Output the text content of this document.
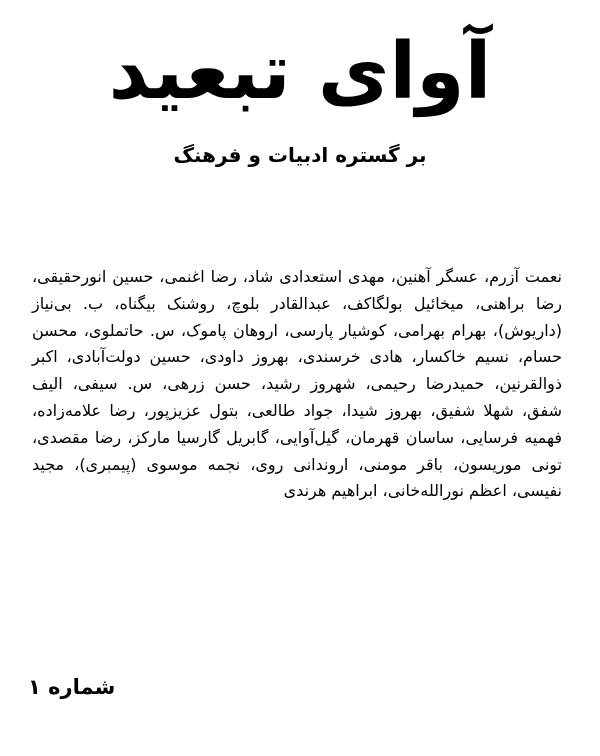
آوای تبعید
بر گستره ادبیات و فرهنگ

نعمت آزرم، عسگر آهنین، مهدی استعدادی شاد، رضا اغنمی، حسین انورحقیقی، رضا براهنی، میخائیل بولگاکف، عبدالقادر بلوچ، روشنک بیگناه، ب. بی‌نیاز (داریوش)، بهرام بهرامی، کوشیار پارسی، اروهان پاموک، س. حاتملوی، محسن حسام، نسیم خاکسار، هادی خرسندی، بهروز داودی، حسین دولت‌آبادی، اکبر ذوالقرنین، حمیدرضا رحیمی، شهروز رشید، حسن زرهی، س. سیفی، الیف شفق، شهلا شفیق، بهروز شیدا، جواد طالعی، بتول عزیزپور، رضا علامه‌زاده، فهمیه فرسایی، ساسان قهرمان، گیل‌آوایی، گابریل گارسیا مارکز، رضا مقصدی، تونی موریسون، باقر مومنی، اروندانی روی، نجمه موسوی (پیمبری)، مجید نفیسی، اعظم نورالله‌خانی، ابراهیم هرندی

شماره ۱
